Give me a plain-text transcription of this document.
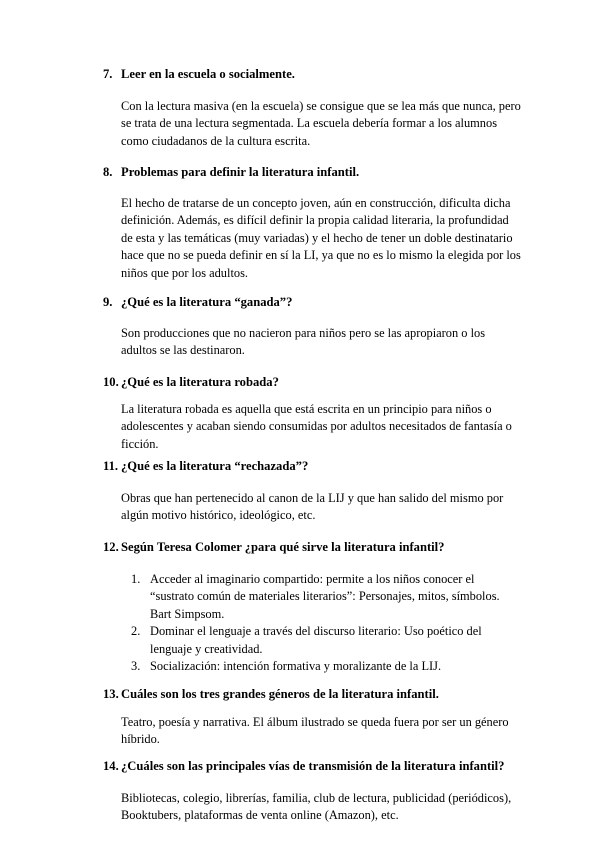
7. Leer en la escuela o socialmente.
Con la lectura masiva (en la escuela) se consigue que se lea más que nunca, pero se trata de una lectura segmentada. La escuela debería formar a los alumnos como ciudadanos de la cultura escrita.
8. Problemas para definir la literatura infantil.
El hecho de tratarse de un concepto joven, aún en construcción, dificulta dicha definición. Además, es difícil definir la propia calidad literaria, la profundidad de esta y las temáticas (muy variadas) y el hecho de tener un doble destinatario hace que no se pueda definir en sí la LI, ya que no es lo mismo la elegida por los niños que por los adultos.
9. ¿Qué es la literatura “ganada”?
Son producciones que no nacieron para niños pero se las apropiaron o los adultos se las destinaron.
10. ¿Qué es la literatura robada?
La literatura robada es aquella que está escrita en un principio para niños o adolescentes y acaban siendo consumidas por adultos necesitados de fantasía o ficción.
11. ¿Qué es la literatura “rechazada”?
Obras que han pertenecido al canon de la LIJ y que han salido del mismo por algún motivo histórico, ideológico, etc.
12. Según Teresa Colomer ¿para qué sirve la literatura infantil?
1. Acceder al imaginario compartido: permite a los niños conocer el “sustrato común de materiales literarios”: Personajes, mitos, símbolos. Bart Simpsom.
2. Dominar el lenguaje a través del discurso literario: Uso poético del lenguaje y creatividad.
3. Socialización: intención formativa y moralizante de la LIJ.
13. Cuáles son los tres grandes géneros de la literatura infantil.
Teatro, poesía y narrativa. El álbum ilustrado se queda fuera por ser un género híbrido.
14. ¿Cuáles son las principales vías de transmisión de la literatura infantil?
Bibliotecas, colegio, librerías, familia, club de lectura, publicidad (periódicos), Booktubers, plataformas de venta online (Amazon), etc.
